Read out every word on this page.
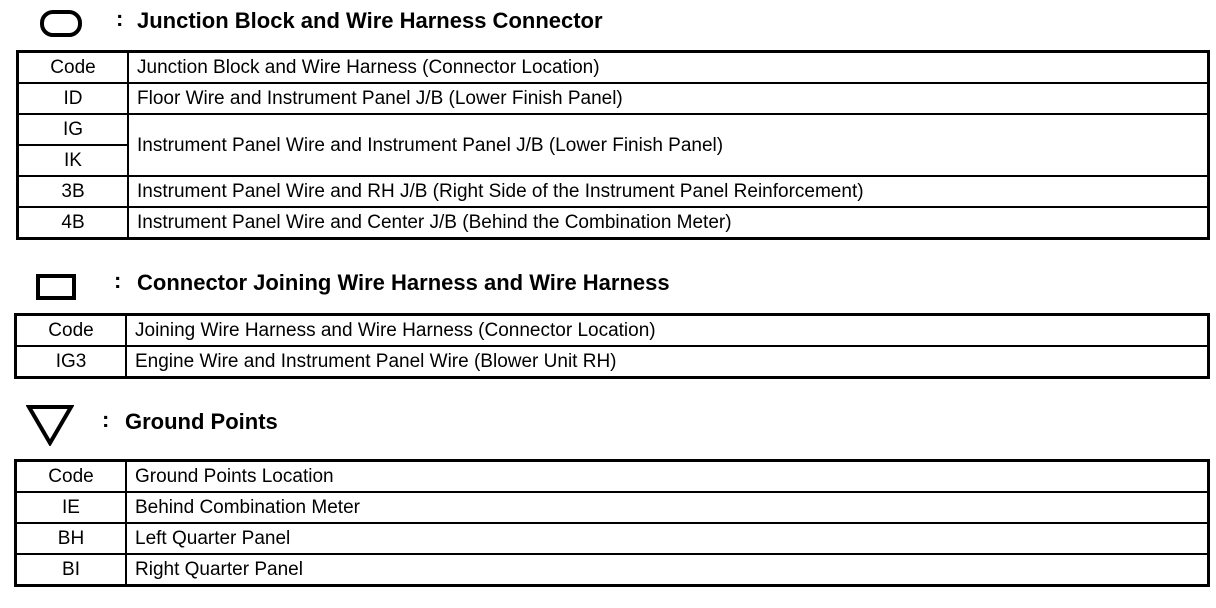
: Junction Block and Wire Harness Connector
Code	Junction Block and Wire Harness (Connector Location)
ID	Floor Wire and Instrument Panel J/B (Lower Finish Panel)
IG	Instrument Panel Wire and Instrument Panel J/B (Lower Finish Panel)
IK	
3B	Instrument Panel Wire and RH J/B (Right Side of the Instrument Panel Reinforcement)
4B	Instrument Panel Wire and Center J/B (Behind the Combination Meter)
: Connector Joining Wire Harness and Wire Harness
Code	Joining Wire Harness and Wire Harness (Connector Location)
IG3	Engine Wire and Instrument Panel Wire (Blower Unit RH)
: Ground Points
Code	Ground Points Location
IE	Behind Combination Meter
BH	Left Quarter Panel
BI	Right Quarter Panel
